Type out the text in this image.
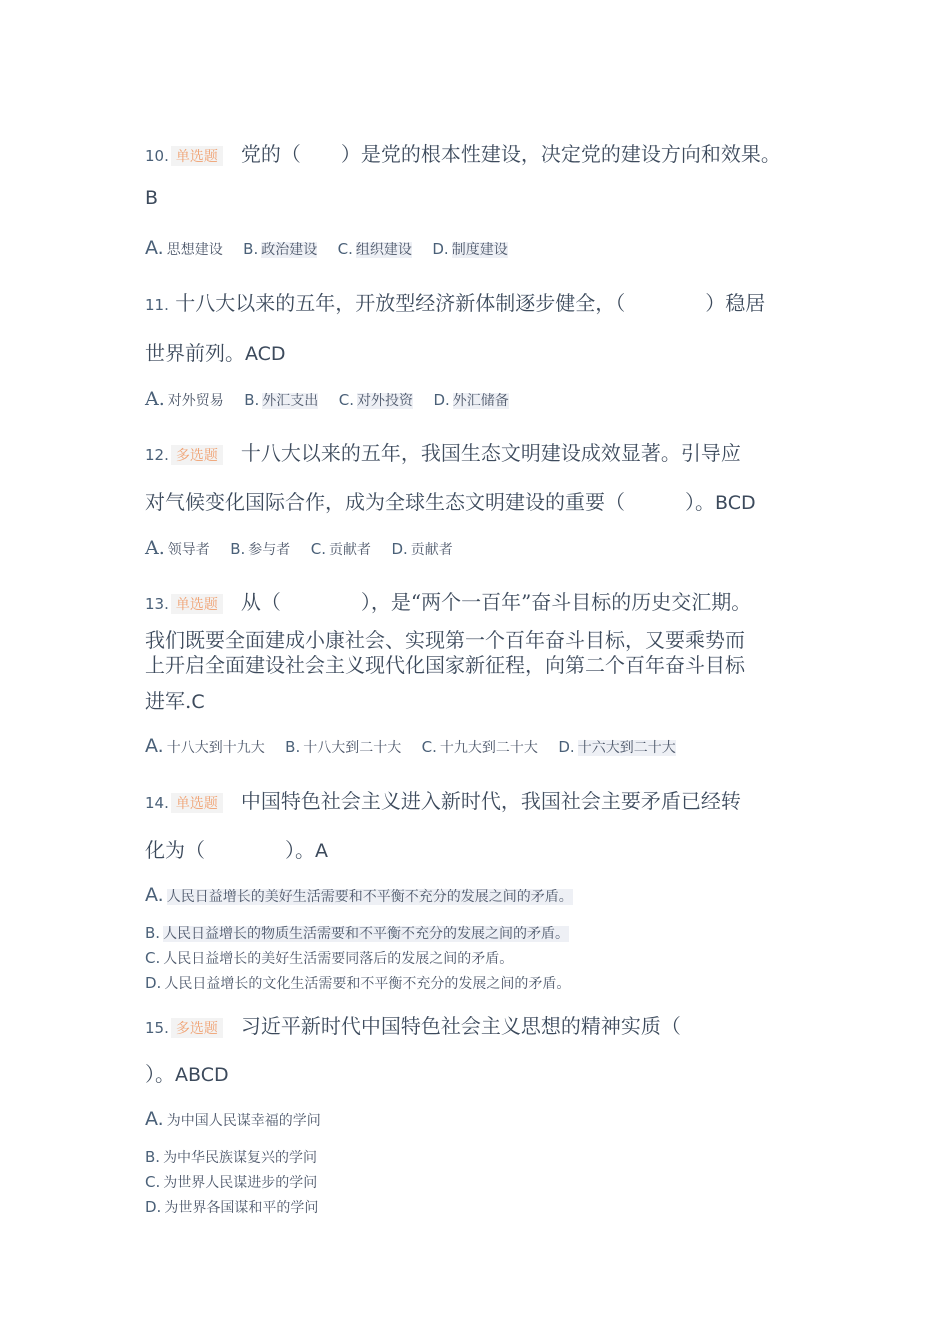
10. 单选题 党的（　　）是党的根本性建设，决定党的建设方向和效果。
B
A. 思想建设 B. 政治建设 C. 组织建设 D. 制度建设
11. 十八大以来的五年，开放型经济新体制逐步健全，（　　　　）稳居
世界前列。ACD
A. 对外贸易 B. 外汇支出 C. 对外投资 D. 外汇储备
12. 多选题 十八大以来的五年，我国生态文明建设成效显著。引导应
对气候变化国际合作，成为全球生态文明建设的重要（　　　）。BCD
A. 领导者 B. 参与者 C. 贡献者 D. 贡献者
13. 单选题 从（　　　　），是“两个一百年”奋斗目标的历史交汇期。
我们既要全面建成小康社会、实现第一个百年奋斗目标，又要乘势而
上开启全面建设社会主义现代化国家新征程，向第二个百年奋斗目标
进军.C
A. 十八大到十九大 B. 十八大到二十大 C. 十九大到二十大 D. 十六大到二十大
14. 单选题 中国特色社会主义进入新时代，我国社会主要矛盾已经转
化为（　　　　）。A
A. 人民日益增长的美好生活需要和不平衡不充分的发展之间的矛盾。
B. 人民日益增长的物质生活需要和不平衡不充分的发展之间的矛盾。
C. 人民日益增长的美好生活需要同落后的发展之间的矛盾。
D. 人民日益增长的文化生活需要和不平衡不充分的发展之间的矛盾。
15. 多选题 习近平新时代中国特色社会主义思想的精神实质（
）。ABCD
A. 为中国人民谋幸福的学问
B. 为中华民族谋复兴的学问
C. 为世界人民谋进步的学问
D. 为世界各国谋和平的学问
